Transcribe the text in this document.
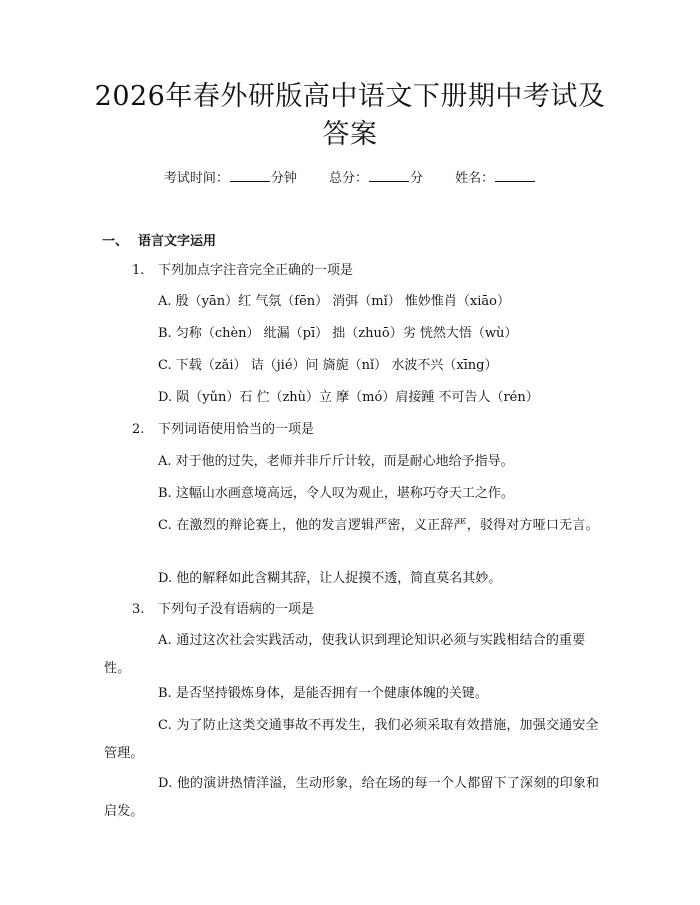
2026年春外研版高中语文下册期中考试及答案
考试时间：	分钟 总分：	分 姓名：
一、 语言文字运用
1. 下列加点字注音完全正确的一项是
A. 殷（yān）红 气氛（fēn） 消弭（mǐ） 惟妙惟肖（xiāo）
B. 匀称（chèn） 纰漏（pī） 拙（zhuō）劣 恍然大悟（wù）
C. 下载（zǎi） 诘（jié）问 旖旎（nǐ） 水波不兴（xīng）
D. 陨（yǔn）石 伫（zhù）立 摩（mó）肩接踵 不可告人（rén）
2. 下列词语使用恰当的一项是
A. 对于他的过失，老师并非斤斤计较，而是耐心地给予指导。
B. 这幅山水画意境高远，令人叹为观止，堪称巧夺天工之作。
C. 在激烈的辩论赛上，他的发言逻辑严密，义正辞严，驳得对方哑口无言。
D. 他的解释如此含糊其辞，让人捉摸不透，简直莫名其妙。
3. 下列句子没有语病的一项是
A. 通过这次社会实践活动，使我认识到理论知识必须与实践相结合的重要性。
B. 是否坚持锻炼身体，是能否拥有一个健康体魄的关键。
C. 为了防止这类交通事故不再发生，我们必须采取有效措施，加强交通安全管理。
D. 他的演讲热情洋溢，生动形象，给在场的每一个人都留下了深刻的印象和启发。
